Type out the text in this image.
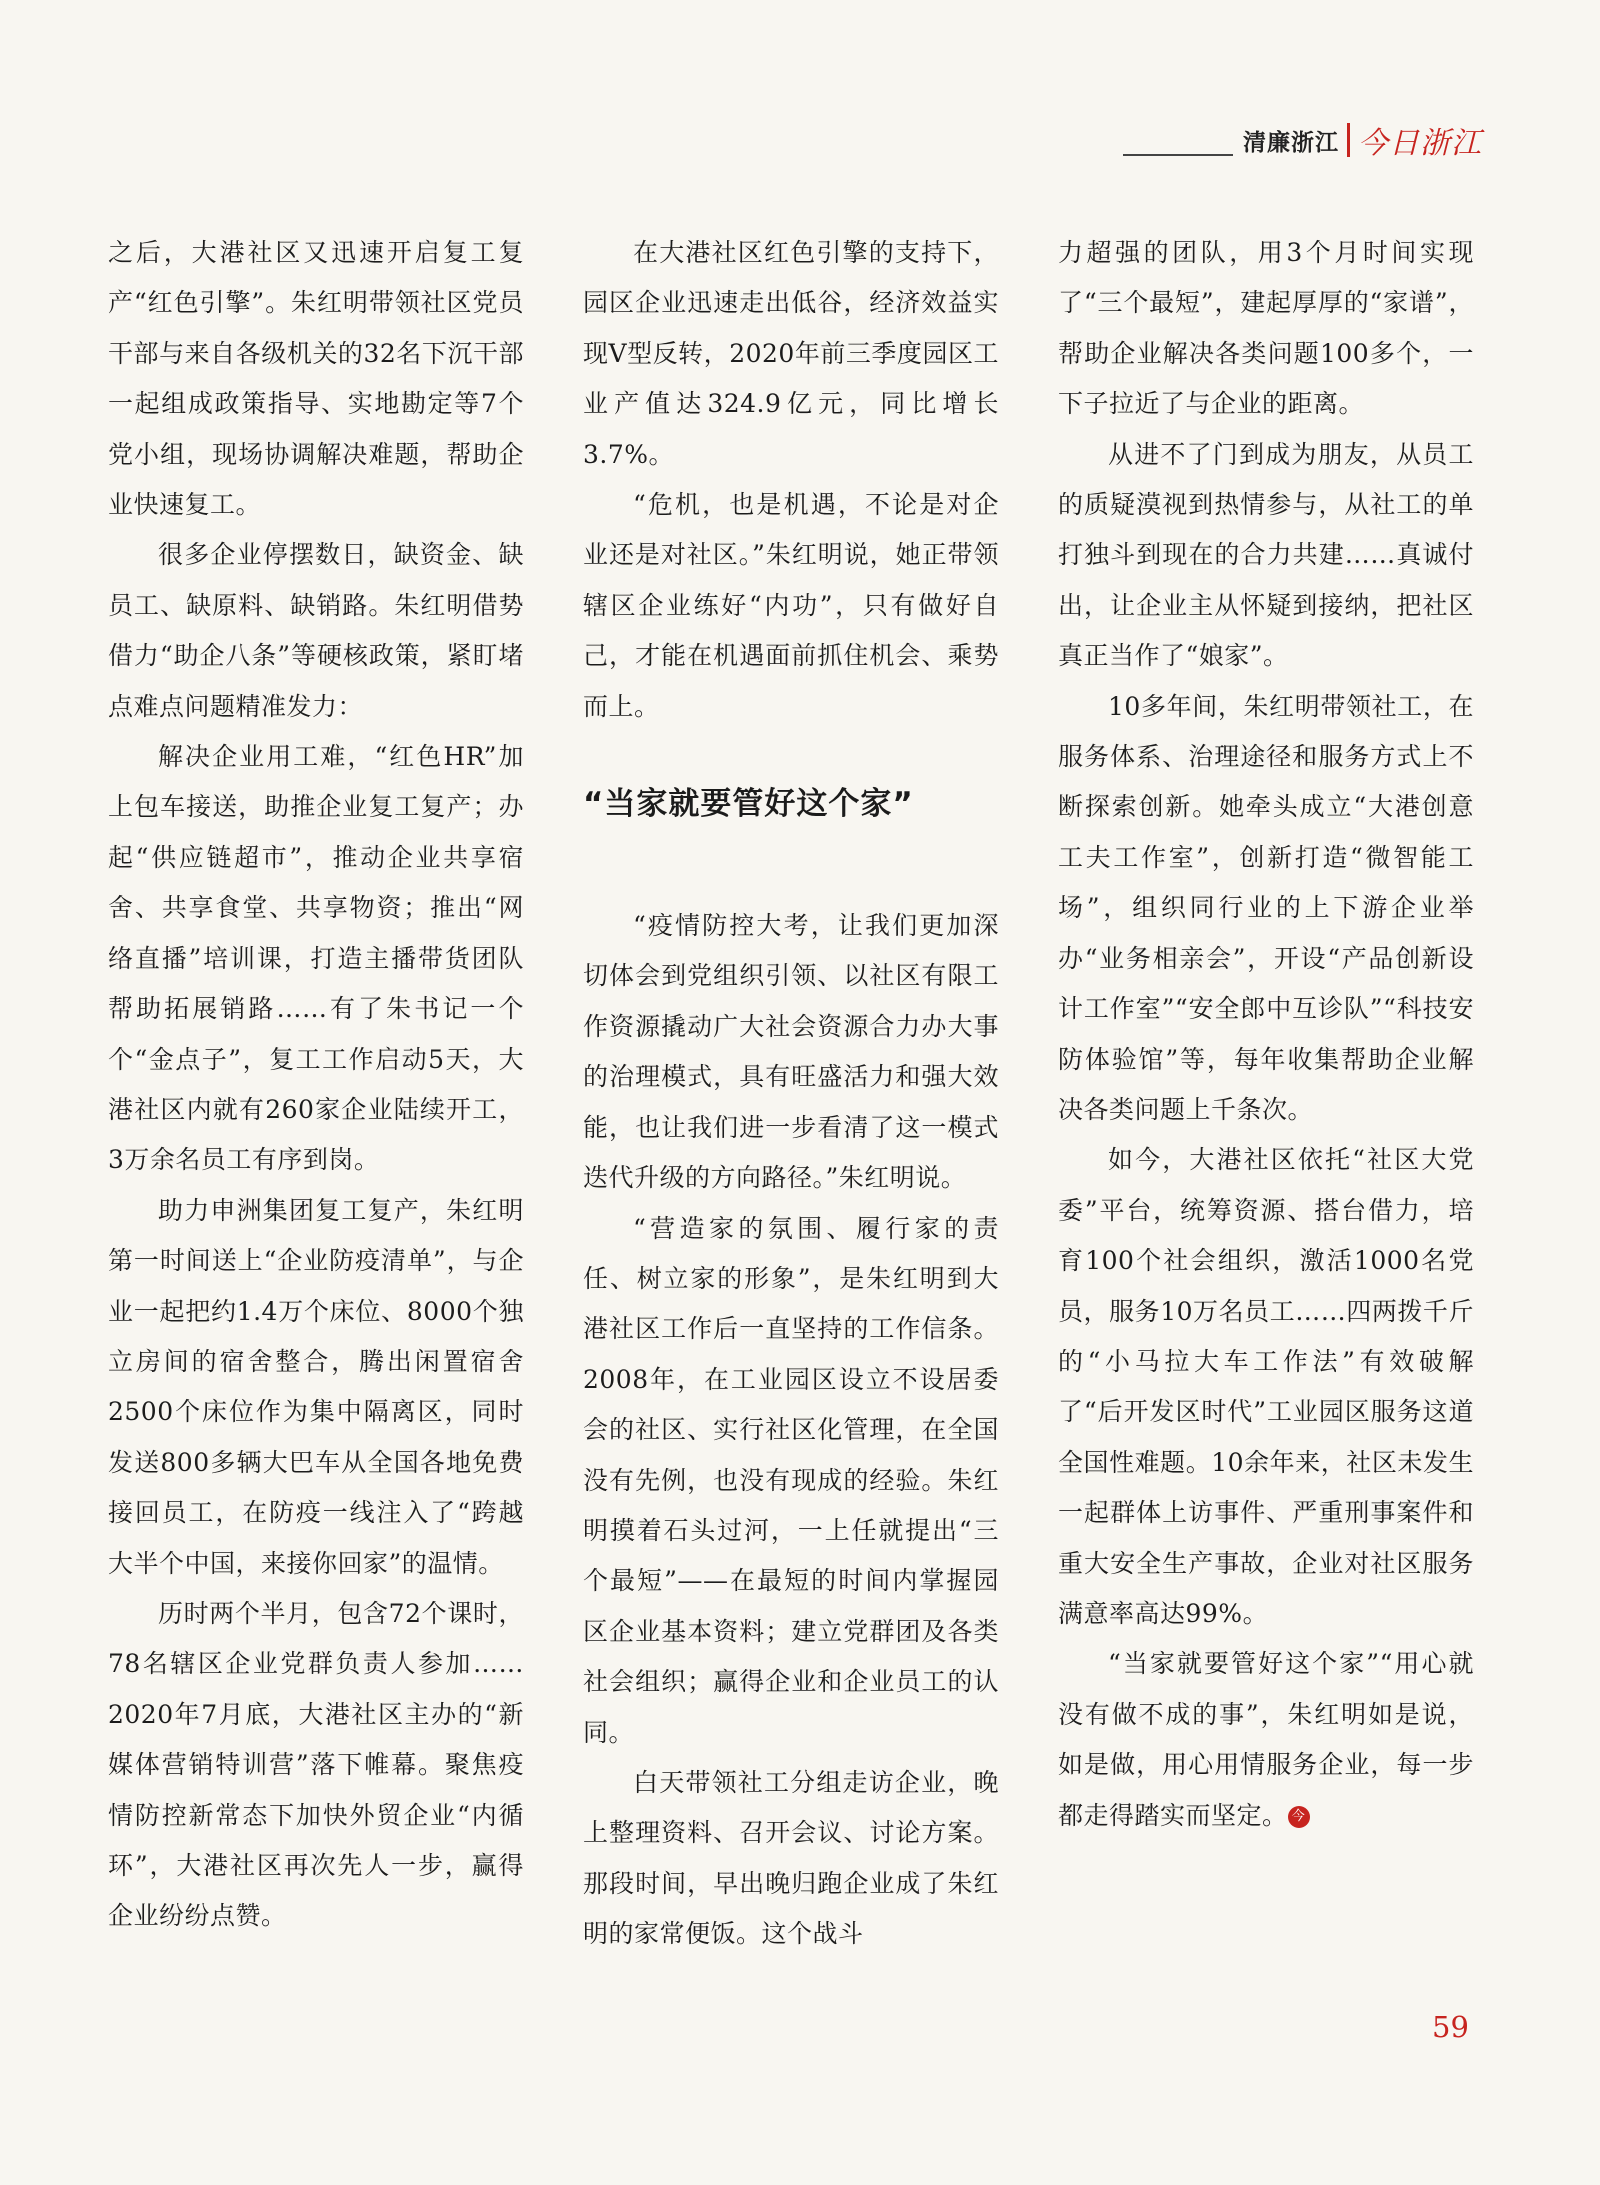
清廉浙江 今日浙江

之后，大港社区又迅速开启复工复产“红色引擎”。朱红明带领社区党员干部与来自各级机关的32名下沉干部一起组成政策指导、实地勘定等7个党小组，现场协调解决难题，帮助企业快速复工。

很多企业停摆数日，缺资金、缺员工、缺原料、缺销路。朱红明借势借力“助企八条”等硬核政策，紧盯堵点难点问题精准发力：

解决企业用工难，“红色HR”加上包车接送，助推企业复工复产；办起“供应链超市”，推动企业共享宿舍、共享食堂、共享物资；推出“网络直播”培训课，打造主播带货团队帮助拓展销路……有了朱书记一个个“金点子”，复工工作启动5天，大港社区内就有260家企业陆续开工，3万余名员工有序到岗。

助力申洲集团复工复产，朱红明第一时间送上“企业防疫清单”，与企业一起把约1.4万个床位、8000个独立房间的宿舍整合，腾出闲置宿舍2500个床位作为集中隔离区，同时发送800多辆大巴车从全国各地免费接回员工，在防疫一线注入了“跨越大半个中国，来接你回家”的温情。

历时两个半月，包含72个课时，78名辖区企业党群负责人参加……2020年7月底，大港社区主办的“新媒体营销特训营”落下帷幕。聚焦疫情防控新常态下加快外贸企业“内循环”，大港社区再次先人一步，赢得企业纷纷点赞。

在大港社区红色引擎的支持下，园区企业迅速走出低谷，经济效益实现V型反转，2020年前三季度园区工业产值达324.9亿元，同比增长3.7%。

“危机，也是机遇，不论是对企业还是对社区。”朱红明说，她正带领辖区企业练好“内功”，只有做好自己，才能在机遇面前抓住机会、乘势而上。

“当家就要管好这个家”

“疫情防控大考，让我们更加深切体会到党组织引领、以社区有限工作资源撬动广大社会资源合力办大事的治理模式，具有旺盛活力和强大效能，也让我们进一步看清了这一模式迭代升级的方向路径。”朱红明说。

“营造家的氛围、履行家的责任、树立家的形象”，是朱红明到大港社区工作后一直坚持的工作信条。2008年，在工业园区设立不设居委会的社区、实行社区化管理，在全国没有先例，也没有现成的经验。朱红明摸着石头过河，一上任就提出“三个最短”——在最短的时间内掌握园区企业基本资料；建立党群团及各类社会组织；赢得企业和企业员工的认同。

白天带领社工分组走访企业，晚上整理资料、召开会议、讨论方案。那段时间，早出晚归跑企业成了朱红明的家常便饭。这个战斗

力超强的团队，用3个月时间实现了“三个最短”，建起厚厚的“家谱”，帮助企业解决各类问题100多个，一下子拉近了与企业的距离。

从进不了门到成为朋友，从员工的质疑漠视到热情参与，从社工的单打独斗到现在的合力共建……真诚付出，让企业主从怀疑到接纳，把社区真正当作了“娘家”。

10多年间，朱红明带领社工，在服务体系、治理途径和服务方式上不断探索创新。她牵头成立“大港创意工夫工作室”，创新打造“微智能工场”，组织同行业的上下游企业举办“业务相亲会”，开设“产品创新设计工作室”“安全郎中互诊队”“科技安防体验馆”等，每年收集帮助企业解决各类问题上千条次。

如今，大港社区依托“社区大党委”平台，统筹资源、搭台借力，培育100个社会组织，激活1000名党员，服务10万名员工……四两拨千斤的“小马拉大车工作法”有效破解了“后开发区时代”工业园区服务这道全国性难题。10余年来，社区未发生一起群体上访事件、严重刑事案件和重大安全生产事故，企业对社区服务满意率高达99%。

“当家就要管好这个家”“用心就没有做不成的事”，朱红明如是说，如是做，用心用情服务企业，每一步都走得踏实而坚定。 今

59
